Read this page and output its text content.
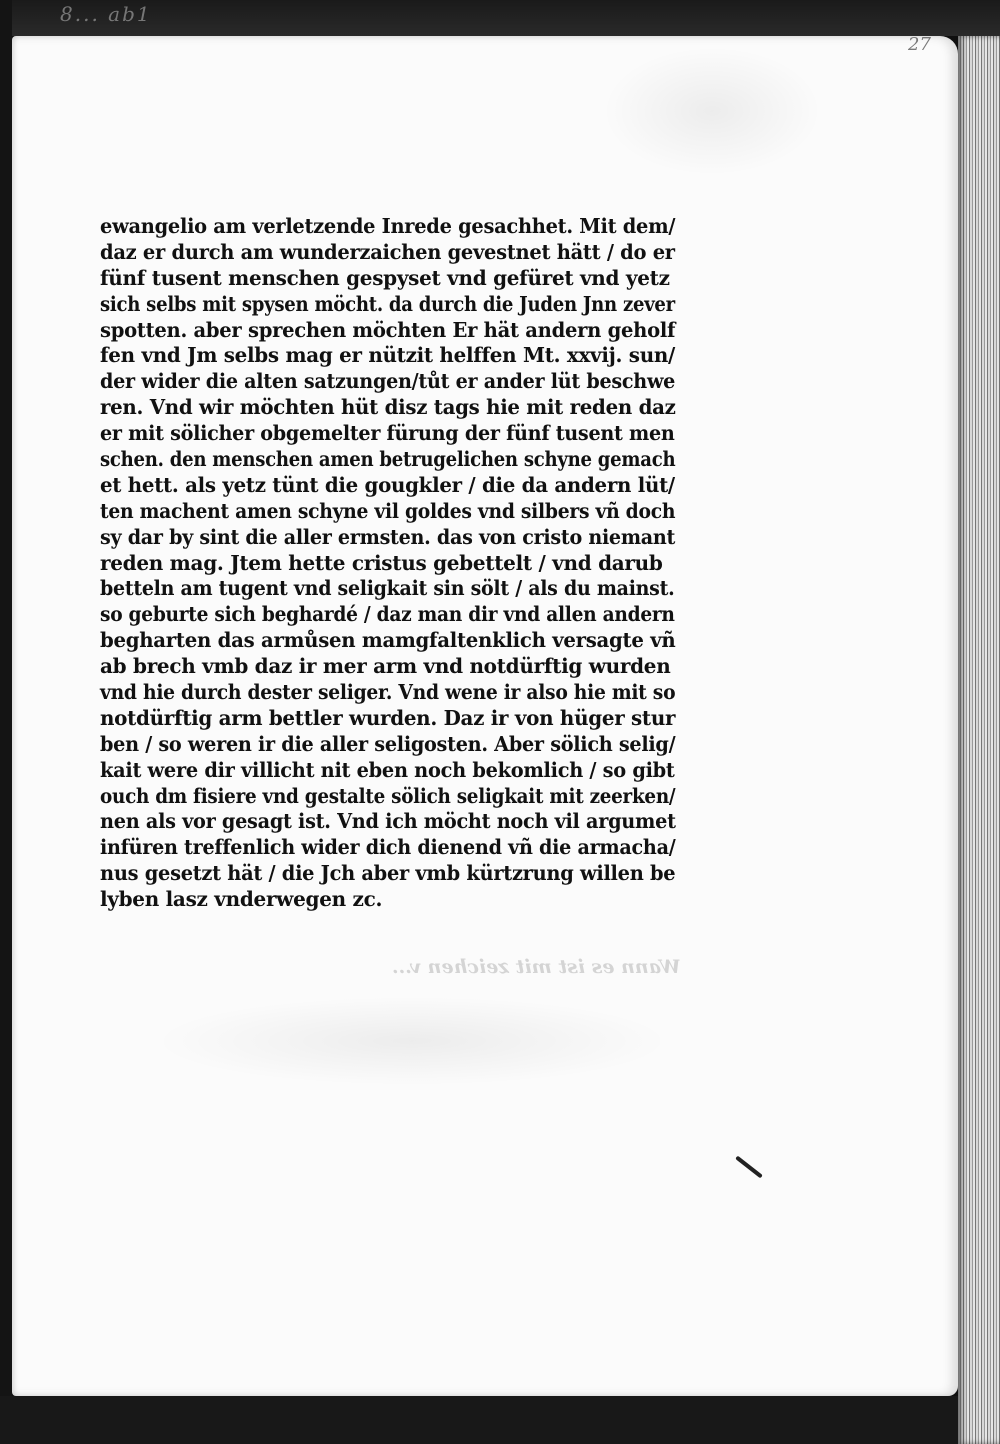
8... ab1
27
ewangelio am verletzende Inrede gesachhet. Mit dem/
daz er durch am wunderzaichen gevestnet hätt / do er
fünf tusent menschen gespyset vnd gefüret vnd yetz
sich selbs mit spysen möcht. da durch die Juden Jnn zever
spotten. aber sprechen möchten Er hät andern geholf
fen vnd Jm selbs mag er nützit helffen Mt. xxvij. sun/
der wider die alten satzungen/tůt er ander lüt beschwe
ren. Vnd wir möchten hüt disz tags hie mit reden daz
er mit sölicher obgemelter fürung der fünf tusent men
schen. den menschen amen betrugelichen schyne gemach
et hett. als yetz tünt die gougkler / die da andern lüt/
ten machent amen schyne vil goldes vnd silbers vñ doch
sy dar by sint die aller ermsten. das von cristo niemant
reden mag. Jtem hette cristus gebettelt / vnd darub
betteln am tugent vnd seligkait sin sölt / als du mainst.
so geburte sich beghardé / daz man dir vnd allen andern
begharten das armůsen mamgfaltenklich versagte vñ
ab brech vmb daz ir mer arm vnd notdürftig wurden
vnd hie durch dester seliger. Vnd wene ir also hie mit so
notdürftig arm bettler wurden. Daz ir von hüger stur
ben / so weren ir die aller seligosten. Aber sölich selig/
kait were dir villicht nit eben noch bekomlich / so gibt
ouch dm fisiere vnd gestalte sölich seligkait mit zeerken/
nen als vor gesagt ist. Vnd ich möcht noch vil argumet
infüren treffenlich wider dich dienend vñ die armacha/
nus gesetzt hät / die Jch aber vmb kürtzrung willen be
lyben lasz vnderwegen zc.
Wann es ist mit zeichen v...
